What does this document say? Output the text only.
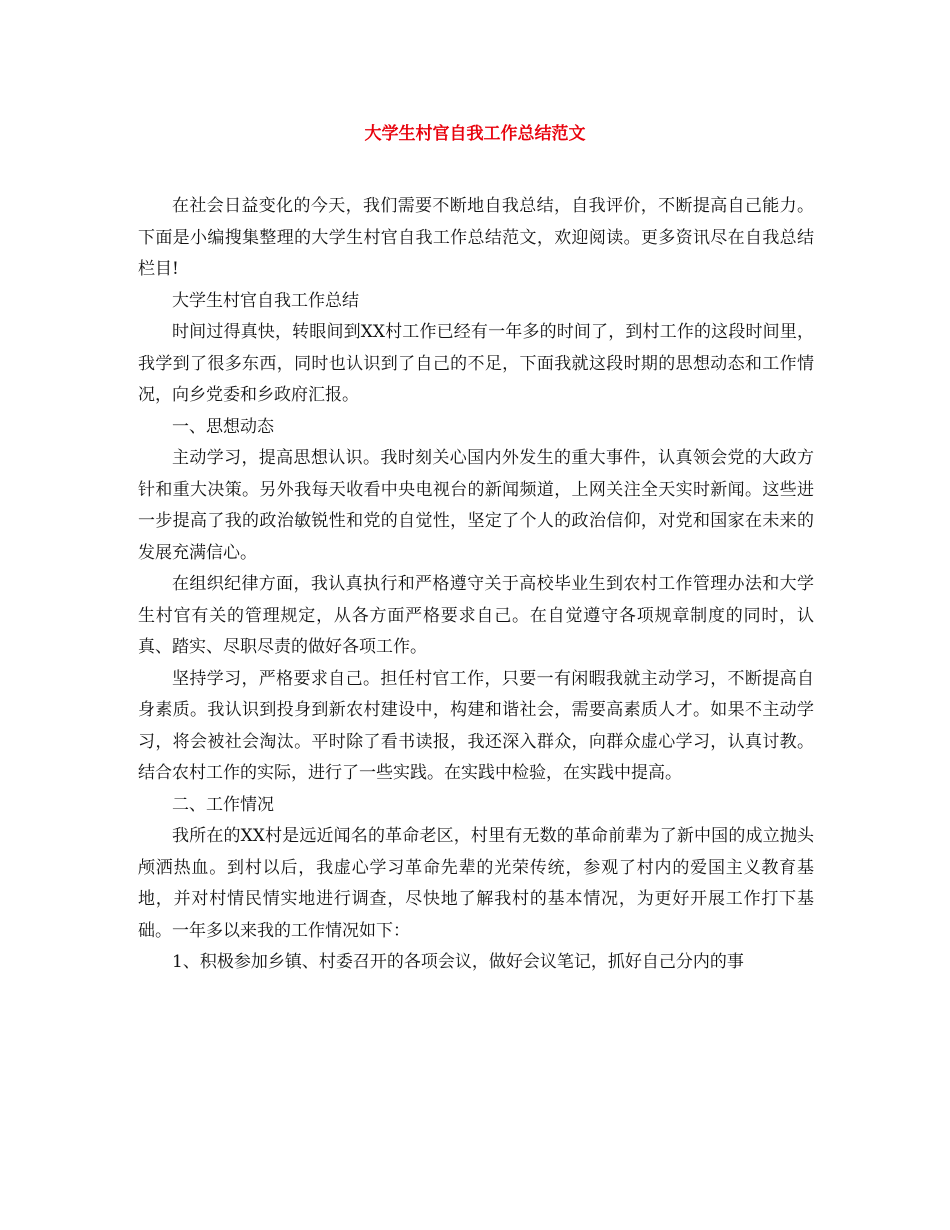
大学生村官自我工作总结范文

在社会日益变化的今天，我们需要不断地自我总结，自我评价，不断提高自己能力。下面是小编搜集整理的大学生村官自我工作总结范文，欢迎阅读。更多资讯尽在自我总结栏目!

大学生村官自我工作总结

时间过得真快，转眼间到XX村工作已经有一年多的时间了，到村工作的这段时间里，我学到了很多东西，同时也认识到了自己的不足，下面我就这段时期的思想动态和工作情况，向乡党委和乡政府汇报。

一、思想动态

主动学习，提高思想认识。我时刻关心国内外发生的重大事件，认真领会党的大政方针和重大决策。另外我每天收看中央电视台的新闻频道，上网关注全天实时新闻。这些进一步提高了我的政治敏锐性和党的自觉性，坚定了个人的政治信仰，对党和国家在未来的发展充满信心。

在组织纪律方面，我认真执行和严格遵守关于高校毕业生到农村工作管理办法和大学生村官有关的管理规定，从各方面严格要求自己。在自觉遵守各项规章制度的同时，认真、踏实、尽职尽责的做好各项工作。

坚持学习，严格要求自己。担任村官工作，只要一有闲暇我就主动学习，不断提高自身素质。我认识到投身到新农村建设中，构建和谐社会，需要高素质人才。如果不主动学习，将会被社会淘汰。平时除了看书读报，我还深入群众，向群众虚心学习，认真讨教。结合农村工作的实际，进行了一些实践。在实践中检验，在实践中提高。

二、工作情况

我所在的XX村是远近闻名的革命老区，村里有无数的革命前辈为了新中国的成立抛头颅洒热血。到村以后，我虚心学习革命先辈的光荣传统，参观了村内的爱国主义教育基地，并对村情民情实地进行调查，尽快地了解我村的基本情况，为更好开展工作打下基础。一年多以来我的工作情况如下：

1、积极参加乡镇、村委召开的各项会议，做好会议笔记，抓好自己分内的事
